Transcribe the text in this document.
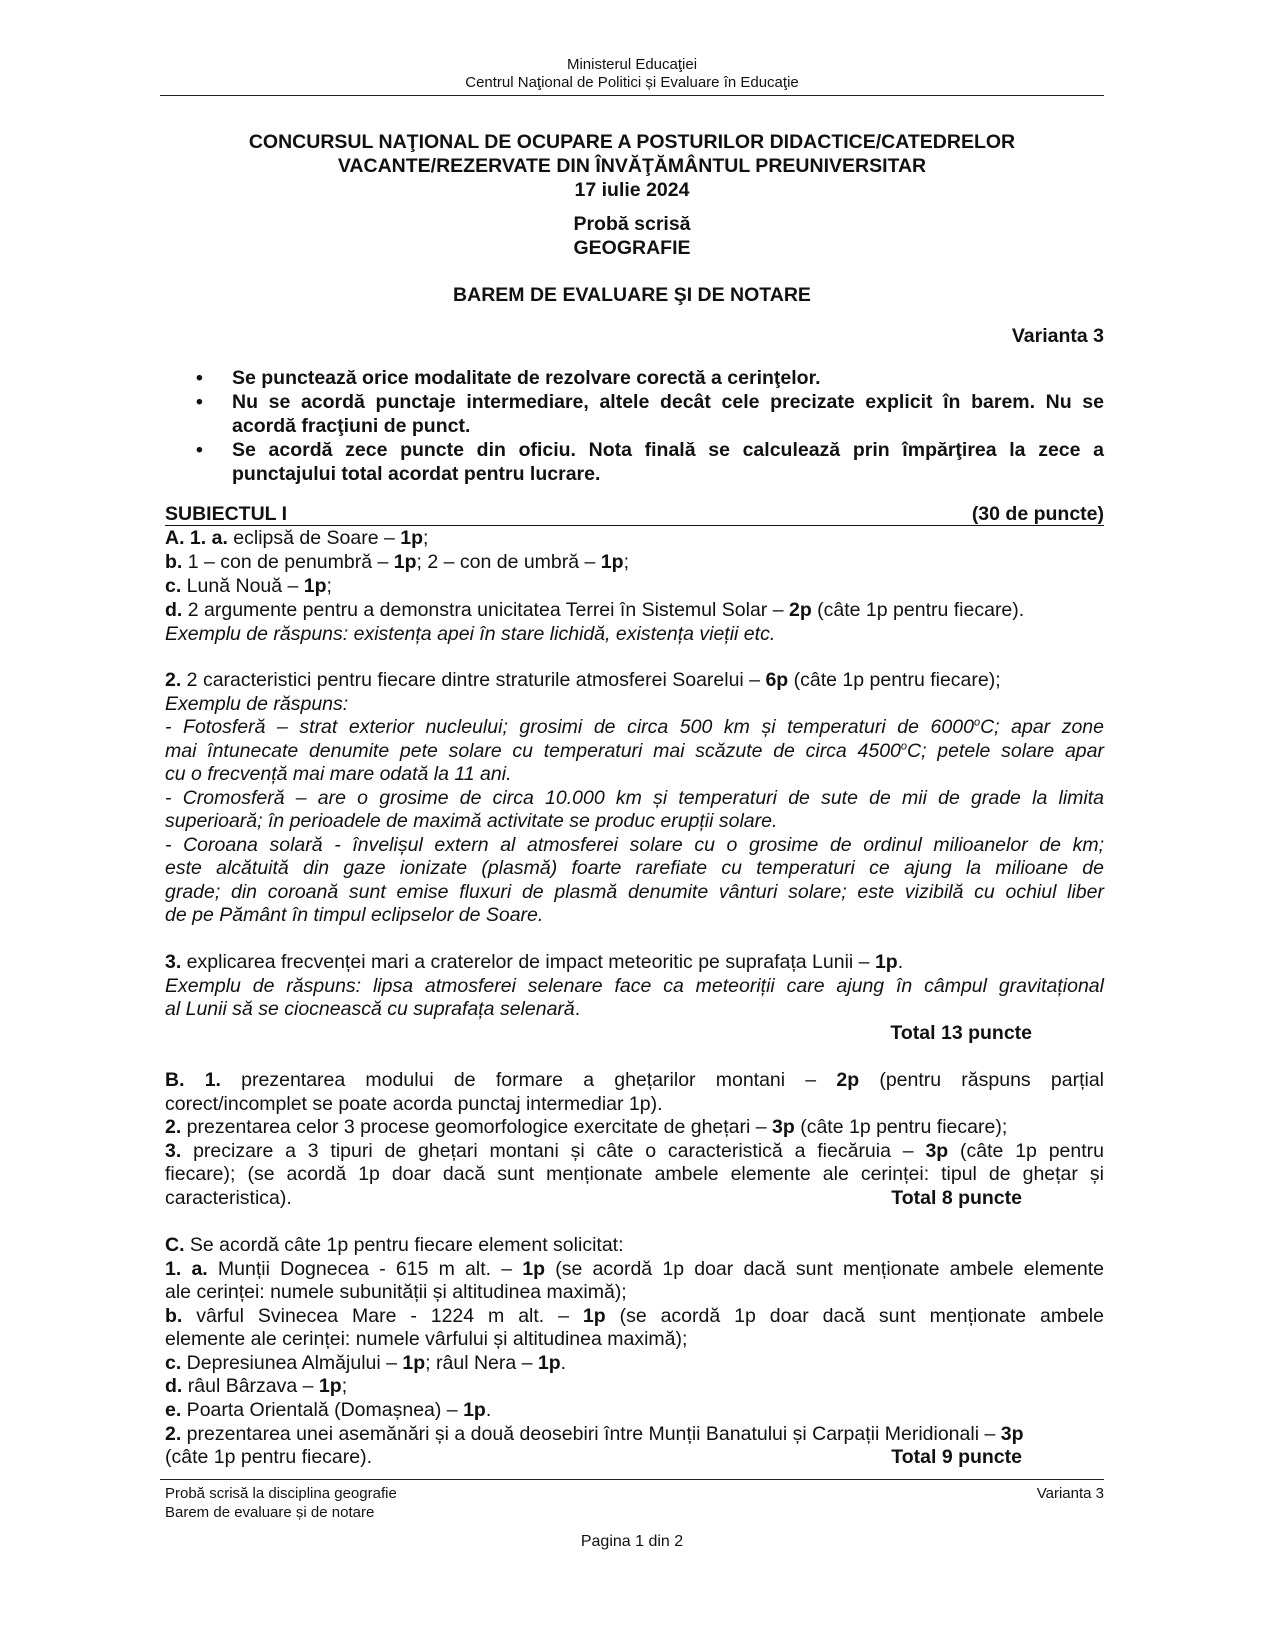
Ministerul Educaţiei
Centrul Naţional de Politici și Evaluare în Educaţie
CONCURSUL NAŢIONAL DE OCUPARE A POSTURILOR DIDACTICE/CATEDRELOR
VACANTE/REZERVATE DIN ÎNVĂŢĂMÂNTUL PREUNIVERSITAR
17 iulie 2024
Probă scrisă
GEOGRAFIE
BAREM DE EVALUARE ŞI DE NOTARE
Varianta 3
• Se punctează orice modalitate de rezolvare corectă a cerinţelor.
• Nu se acordă punctaje intermediare, altele decât cele precizate explicit în barem. Nu se acordă fracţiuni de punct.
• Se acordă zece puncte din oficiu. Nota finală se calculează prin împărţirea la zece a punctajului total acordat pentru lucrare.
SUBIECTUL I	(30 de puncte)
A. 1. a. eclipsă de Soare – 1p;
b. 1 – con de penumbră – 1p; 2 – con de umbră – 1p;
c. Lună Nouă – 1p;
d. 2 argumente pentru a demonstra unicitatea Terrei în Sistemul Solar – 2p (câte 1p pentru fiecare).
Exemplu de răspuns: existența apei în stare lichidă, existența vieții etc.
2. 2 caracteristici pentru fiecare dintre straturile atmosferei Soarelui – 6p (câte 1p pentru fiecare);
Exemplu de răspuns:
- Fotosferă – strat exterior nucleului; grosimi de circa 500 km și temperaturi de 6000$^o$C; apar zone
mai întunecate denumite pete solare cu temperaturi mai scăzute de circa 4500$^o$C; petele solare apar
cu o frecvență mai mare odată la 11 ani.
- Cromosferă – are o grosime de circa 10.000 km și temperaturi de sute de mii de grade la limita
superioară; în perioadele de maximă activitate se produc erupții solare.
- Coroana solară - învelișul extern al atmosferei solare cu o grosime de ordinul milioanelor de km;
este alcătuită din gaze ionizate (plasmă) foarte rarefiate cu temperaturi ce ajung la milioane de
grade; din coroană sunt emise fluxuri de plasmă denumite vânturi solare; este vizibilă cu ochiul liber
de pe Pământ în timpul eclipselor de Soare.
3. explicarea frecvenței mari a craterelor de impact meteoritic pe suprafața Lunii – 1p.
Exemplu de răspuns: lipsa atmosferei selenare face ca meteoriții care ajung în câmpul gravitațional
al Lunii să se ciocnească cu suprafața selenară.
Total 13 puncte
B. 1. prezentarea modului de formare a ghețarilor montani – 2p (pentru răspuns parțial
corect/incomplet se poate acorda punctaj intermediar 1p).
2. prezentarea celor 3 procese geomorfologice exercitate de ghețari – 3p (câte 1p pentru fiecare);
3. precizare a 3 tipuri de ghețari montani și câte o caracteristică a fiecăruia – 3p (câte 1p pentru
fiecare); (se acordă 1p doar dacă sunt menționate ambele elemente ale cerinței: tipul de ghețar și
caracteristica).	Total 8 puncte
C. Se acordă câte 1p pentru fiecare element solicitat:
1. a. Munții Dognecea - 615 m alt. – 1p (se acordă 1p doar dacă sunt menționate ambele elemente
ale cerinței: numele subunității și altitudinea maximă);
b. vârful Svinecea Mare - 1224 m alt. – 1p (se acordă 1p doar dacă sunt menționate ambele
elemente ale cerinței: numele vârfului și altitudinea maximă);
c. Depresiunea Almăjului – 1p; râul Nera – 1p.
d. râul Bârzava – 1p;
e. Poarta Orientală (Domașnea) – 1p.
2. prezentarea unei asemănări și a două deosebiri între Munții Banatului și Carpații Meridionali – 3p
(câte 1p pentru fiecare).	Total 9 puncte
Probă scrisă la disciplina geografie
Barem de evaluare și de notare
Varianta 3
Pagina 1 din 2
